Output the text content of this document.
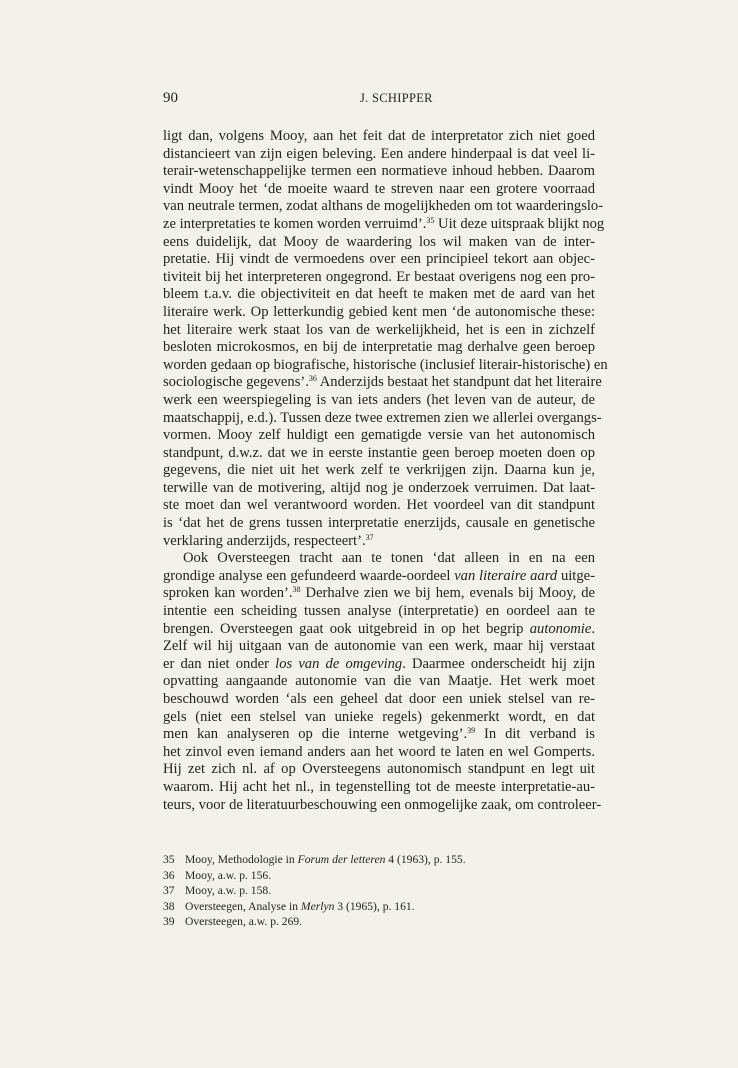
90	J. SCHIPPER
ligt dan, volgens Mooy, aan het feit dat de interpretator zich niet goed
distancieert van zijn eigen beleving. Een andere hinderpaal is dat veel li-
terair-wetenschappelijke termen een normatieve inhoud hebben. Daarom
vindt Mooy het ‘de moeite waard te streven naar een grotere voorraad
van neutrale termen, zodat althans de mogelijkheden om tot waarderingslo-
ze interpretaties te komen worden verruimd’.$^{35}$ Uit deze uitspraak blijkt nog
eens duidelijk, dat Mooy de waardering los wil maken van de inter-
pretatie. Hij vindt de vermoedens over een principieel tekort aan objec-
tiviteit bij het interpreteren ongegrond. Er bestaat overigens nog een pro-
bleem t.a.v. die objectiviteit en dat heeft te maken met de aard van het
literaire werk. Op letterkundig gebied kent men ‘de autonomische these:
het literaire werk staat los van de werkelijkheid, het is een in zichzelf
besloten microkosmos, en bij de interpretatie mag derhalve geen beroep
worden gedaan op biografische, historische (inclusief literair-historische) en
sociologische gegevens’.$^{36}$ Anderzijds bestaat het standpunt dat het literaire
werk een weerspiegeling is van iets anders (het leven van de auteur, de
maatschappij, e.d.). Tussen deze twee extremen zien we allerlei overgangs-
vormen. Mooy zelf huldigt een gematigde versie van het autonomisch
standpunt, d.w.z. dat we in eerste instantie geen beroep moeten doen op
gegevens, die niet uit het werk zelf te verkrijgen zijn. Daarna kun je,
terwille van de motivering, altijd nog je onderzoek verruimen. Dat laat-
ste moet dan wel verantwoord worden. Het voordeel van dit standpunt
is ‘dat het de grens tussen interpretatie enerzijds, causale en genetische
verklaring anderzijds, respecteert’.$^{37}$
Ook Oversteegen tracht aan te tonen ‘dat alleen in en na een
grondige analyse een gefundeerd waarde-oordeel van literaire aard uitge-
sproken kan worden’.$^{38}$ Derhalve zien we bij hem, evenals bij Mooy, de
intentie een scheiding tussen analyse (interpretatie) en oordeel aan te
brengen. Oversteegen gaat ook uitgebreid in op het begrip autonomie.
Zelf wil hij uitgaan van de autonomie van een werk, maar hij verstaat
er dan niet onder los van de omgeving. Daarmee onderscheidt hij zijn
opvatting aangaande autonomie van die van Maatje. Het werk moet
beschouwd worden ‘als een geheel dat door een uniek stelsel van re-
gels (niet een stelsel van unieke regels) gekenmerkt wordt, en dat
men kan analyseren op die interne wetgeving’.$^{39}$ In dit verband is
het zinvol even iemand anders aan het woord te laten en wel Gomperts.
Hij zet zich nl. af op Oversteegens autonomisch standpunt en legt uit
waarom. Hij acht het nl., in tegenstelling tot de meeste interpretatie-au-
teurs, voor de literatuurbeschouwing een onmogelijke zaak, om controleer-
35 Mooy, Methodologie in Forum der letteren 4 (1963), p. 155.
36 Mooy, a.w. p. 156.
37 Mooy, a.w. p. 158.
38 Oversteegen, Analyse in Merlyn 3 (1965), p. 161.
39 Oversteegen, a.w. p. 269.
